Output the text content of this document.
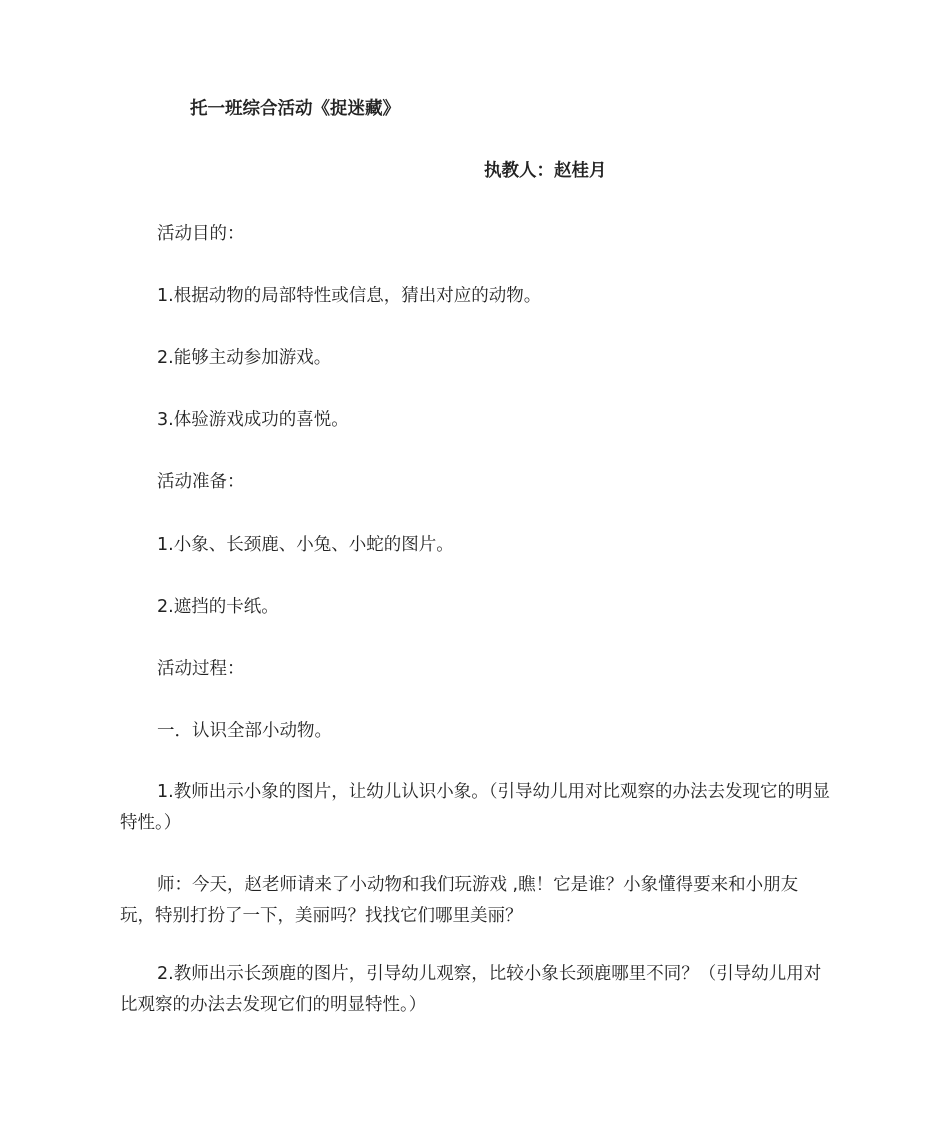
托一班综合活动《捉迷藏》
执教人：赵桂月
活动目的：
1.根据动物的局部特性或信息，猜出对应的动物。
2.能够主动参加游戏。
3.体验游戏成功的喜悦。
活动准备：
1.小象、长颈鹿、小兔、小蛇的图片。
2.遮挡的卡纸。
活动过程：
一．认识全部小动物。
1.教师出示小象的图片，让幼儿认识小象。（引导幼儿用对比观察的办法去发现它的明显特性。）
师：今天，赵老师请来了小动物和我们玩游戏 ,瞧！它是谁？小象懂得要来和小朋友玩，特别打扮了一下，美丽吗？找找它们哪里美丽？
2.教师出示长颈鹿的图片，引导幼儿观察，比较小象长颈鹿哪里不同？（引导幼儿用对比观察的办法去发现它们的明显特性。）
